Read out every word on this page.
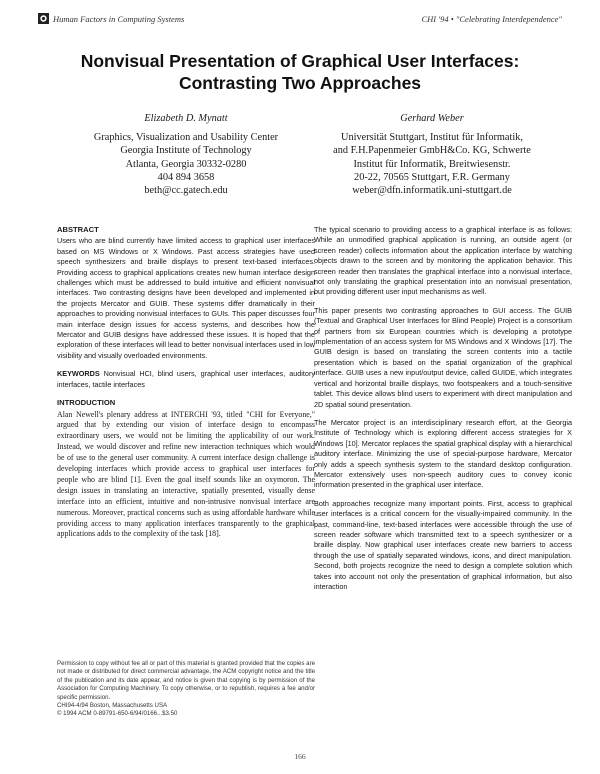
Human Factors in Computing Systems	CHI '94 • "Celebrating Interdependence"
Nonvisual Presentation of Graphical User Interfaces:
Contrasting Two Approaches
Elizabeth D. Mynatt
Graphics, Visualization and Usability Center
Georgia Institute of Technology
Atlanta, Georgia 30332-0280
404 894 3658
beth@cc.gatech.edu
Gerhard Weber
Universität Stuttgart, Institut für Informatik,
and F.H.Papenmeier GmbH&Co. KG, Schwerte
Institut für Informatik, Breitwiesenstr.
20-22, 70565 Stuttgart, F.R. Germany
weber@dfn.informatik.uni-stuttgart.de
ABSTRACT

Users who are blind currently have limited access to graphical user interfaces based on MS Windows or X Windows. Past access strategies have used speech synthesizers and braille displays to present text-based interfaces. Providing access to graphical applications creates new human interface design challenges which must be addressed to build intuitive and efficient nonvisual interfaces. Two contrasting designs have been developed and implemented in the projects Mercator and GUIB. These systems differ dramatically in their approaches to providing nonvisual interfaces to GUIs. This paper discusses four main interface design issues for access systems, and describes how the Mercator and GUIB designs have addressed these issues. It is hoped that the exploration of these interfaces will lead to better nonvisual interfaces used in low visibility and visually overloaded environments.

KEYWORDS Nonvisual HCI, blind users, graphical user interfaces, auditory interfaces, tactile interfaces

INTRODUCTION

Alan Newell's plenary address at INTERCHI '93, titled "CHI for Everyone," argued that by extending our vision of interface design to encompass extraordinary users, we would not be limiting the applicability of our work. Instead, we would discover and refine new interaction techniques which would be of use to the general user community. A current interface design challenge is developing interfaces which provide access to graphical user interfaces for people who are blind [1]. Even the goal itself sounds like an oxymoron. The design issues in translating an interactive, spatially presented, visually dense interface into an efficient, intuitive and non-intrusive nonvisual interface are numerous. Moreover, practical concerns such as using affordable hardware while providing access to many application interfaces transparently to the graphical applications adds to the complexity of the task [18].

Permission to copy without fee all or part of this material is granted provided that the copies are not made or distributed for direct commercial advantage, the ACM copyright notice and the title of the publication and its date appear, and notice is given that copying is by permission of the Association for Computing Machinery. To copy otherwise, or to republish, requires a fee and/or specific permission.

CHI94-4/94 Boston, Massachusetts USA

© 1994 ACM 0-89791-650-6/94/0166...$3.50

The typical scenario to providing access to a graphical interface is as follows: While an unmodified graphical application is running, an outside agent (or screen reader) collects information about the application interface by watching objects drawn to the screen and by monitoring the application behavior. This screen reader then translates the graphical interface into a nonvisual interface, not only translating the graphical presentation into an nonvisual presentation, but providing different user input mechanisms as well.

This paper presents two contrasting approaches to GUI access. The GUIB (Textual and Graphical User Interfaces for Blind People) Project is a consortium of partners from six European countries which is developing a prototype implementation of an access system for MS Windows and X Windows [17]. The GUIB design is based on translating the screen contents into a tactile presentation which is based on the spatial organization of the graphical interface. GUIB uses a new input/output device, called GUIDE, which integrates vertical and horizontal braille displays, two footspeakers and a touch-sensitive tablet. This device allows blind users to experiment with direct manipulation and 2D spatial sound presentation.

The Mercator project is an interdisciplinary research effort, at the Georgia Institute of Technology which is exploring different access strategies for X Windows [10]. Mercator replaces the spatial graphical display with a hierarchical auditory interface. Minimizing the use of special-purpose hardware, Mercator only adds a speech synthesis system to the standard desktop configuration. Mercator extensively uses non-speech auditory cues to convey iconic information presented in the graphical user interface.

Both approaches recognize many important points. First, access to graphical user interfaces is a critical concern for the visually-impaired community. In the past, command-line, text-based interfaces were accessible through the use of screen reader software which transmitted text to a speech synthesizer or a braille display. Now graphical user interfaces create new barriers to access through the use of spatially separated windows, icons, and direct manipulation. Second, both projects recognize the need to design a complete solution which takes into account not only the presentation of graphical information, but also interaction

166
